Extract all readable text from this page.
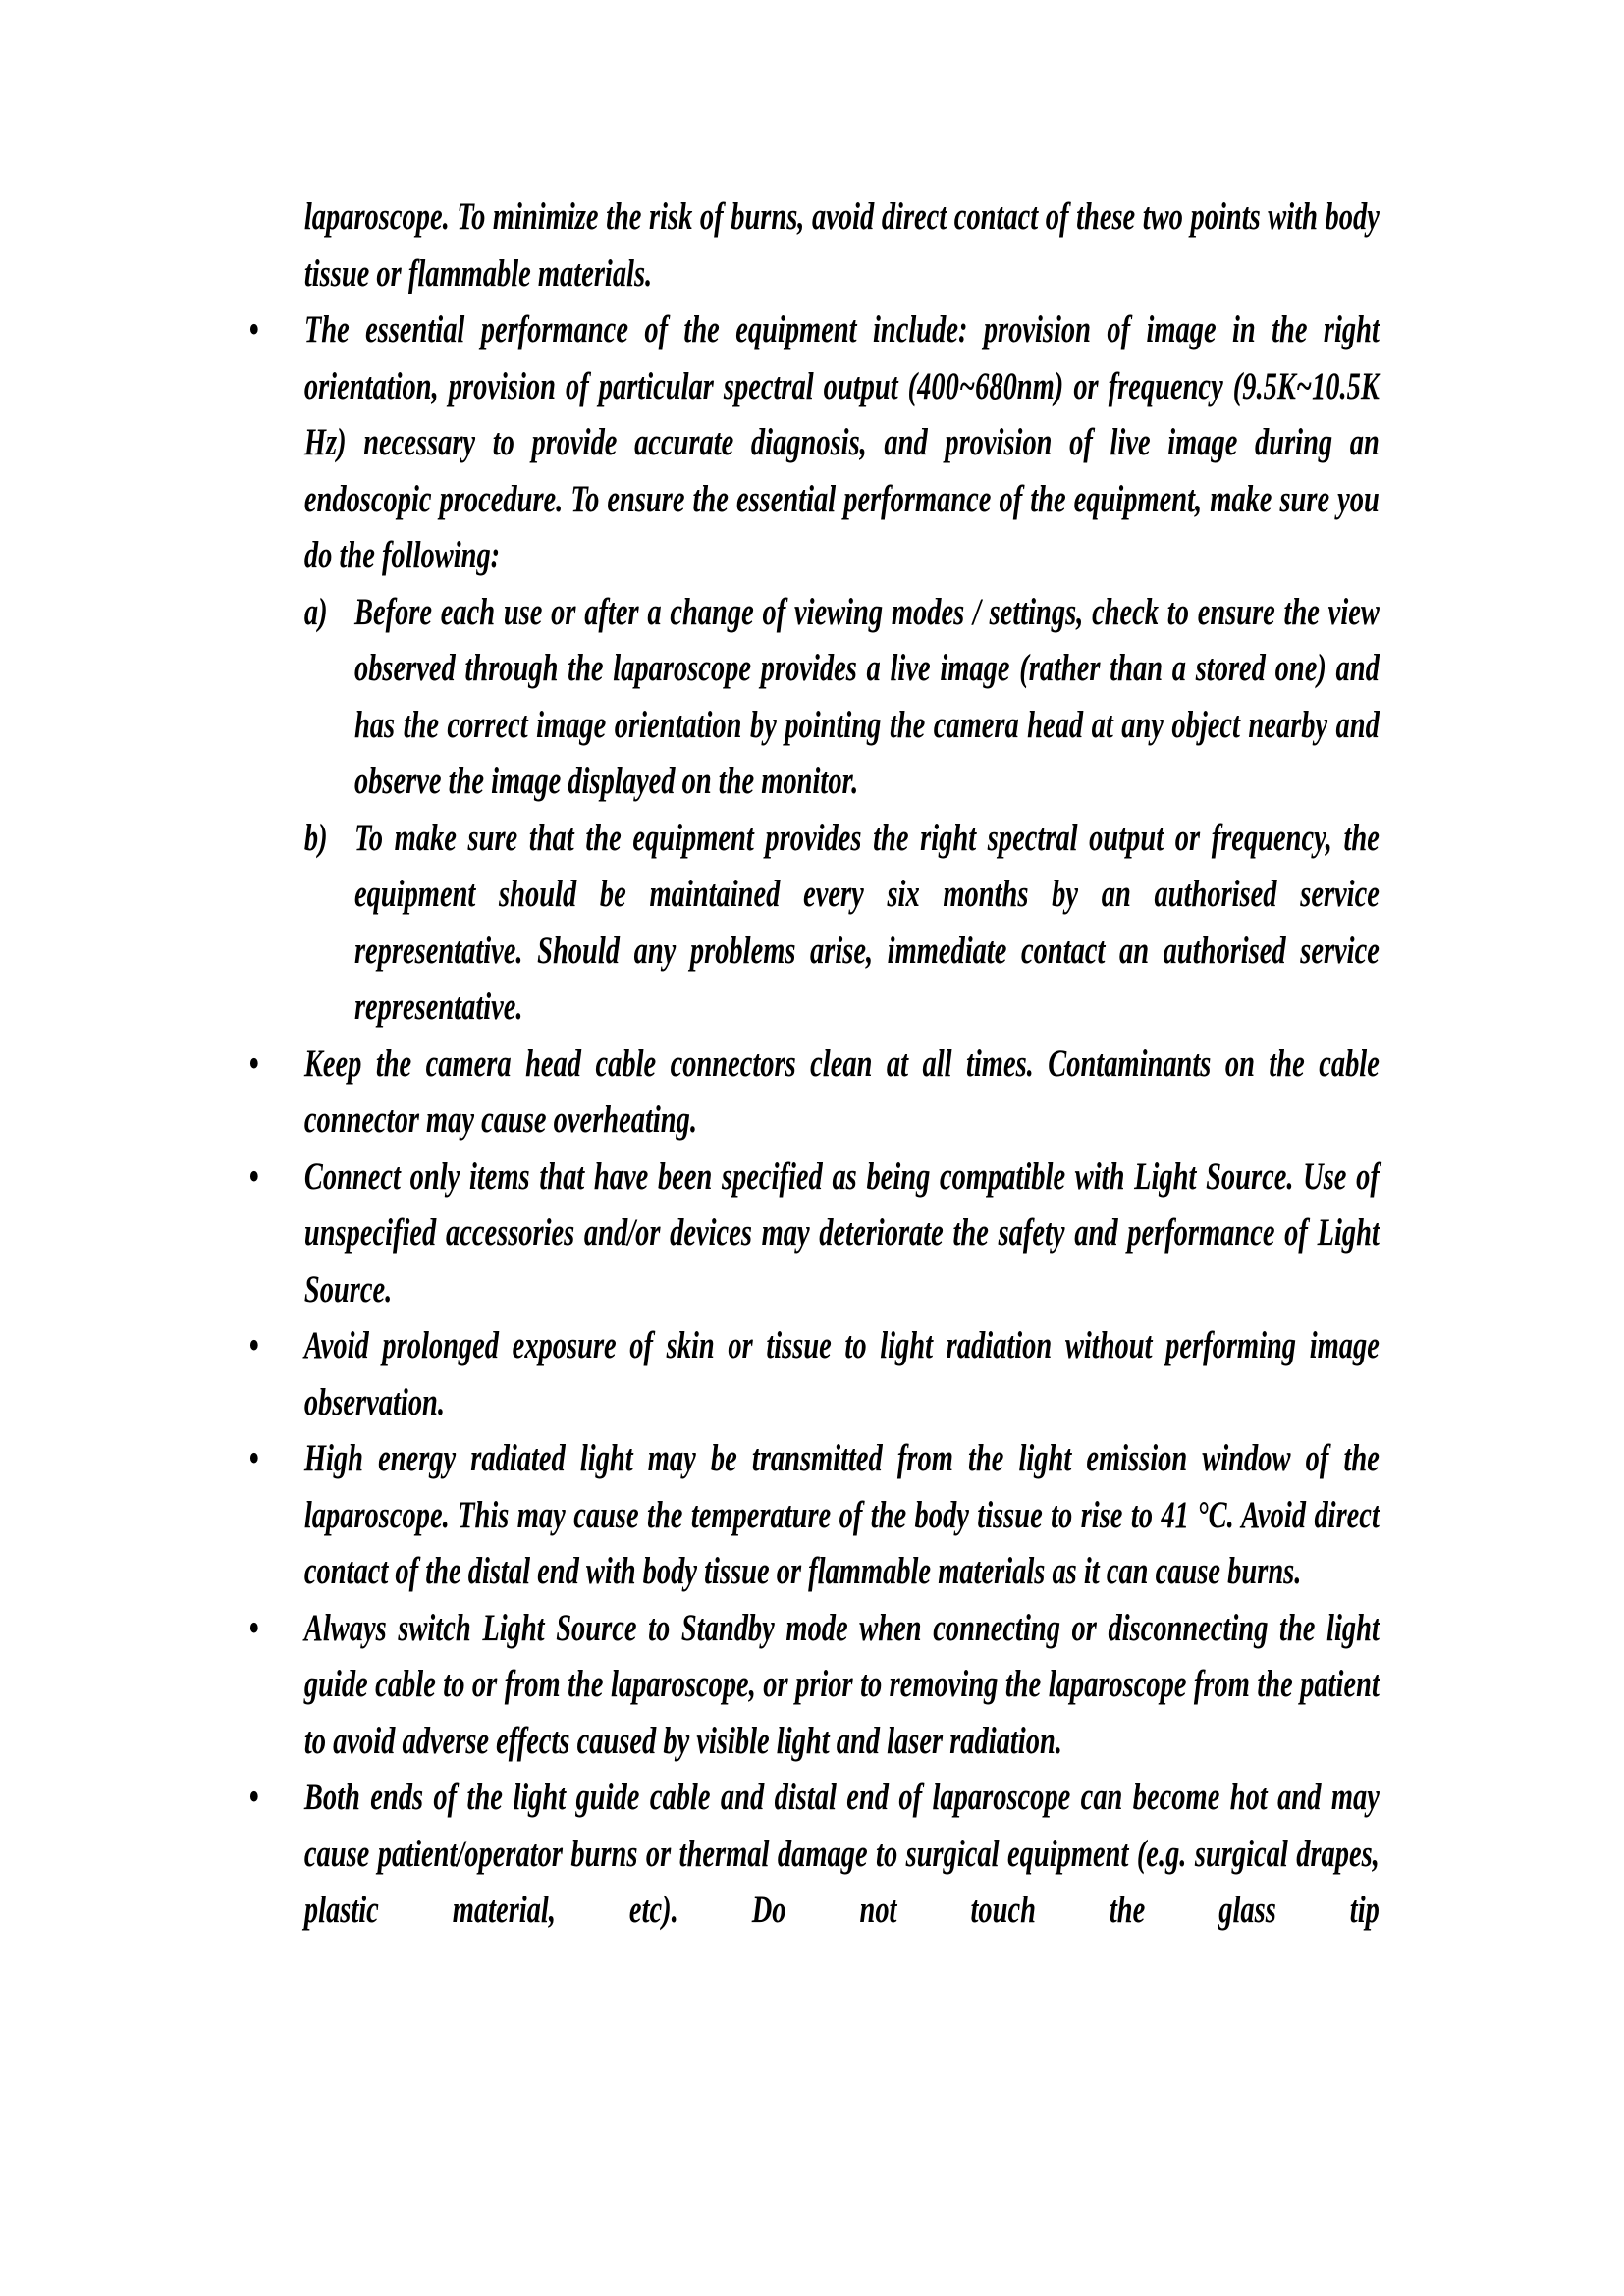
laparoscope. To minimize the risk of burns, avoid direct contact of these two points with body tissue or flammable materials.
• The essential performance of the equipment include: provision of image in the right orientation, provision of particular spectral output (400~680nm) or frequency (9.5K~10.5K Hz) necessary to provide accurate diagnosis, and provision of live image during an endoscopic procedure. To ensure the essential performance of the equipment, make sure you do the following:
a) Before each use or after a change of viewing modes / settings, check to ensure the view observed through the laparoscope provides a live image (rather than a stored one) and has the correct image orientation by pointing the camera head at any object nearby and observe the image displayed on the monitor.
b) To make sure that the equipment provides the right spectral output or frequency, the equipment should be maintained every six months by an authorised service representative. Should any problems arise, immediate contact an authorised service representative.
• Keep the camera head cable connectors clean at all times. Contaminants on the cable connector may cause overheating.
• Connect only items that have been specified as being compatible with Light Source. Use of unspecified accessories and/or devices may deteriorate the safety and performance of Light Source.
• Avoid prolonged exposure of skin or tissue to light radiation without performing image observation.
• High energy radiated light may be transmitted from the light emission window of the laparoscope. This may cause the temperature of the body tissue to rise to 41 °C. Avoid direct contact of the distal end with body tissue or flammable materials as it can cause burns.
• Always switch Light Source to Standby mode when connecting or disconnecting the light guide cable to or from the laparoscope, or prior to removing the laparoscope from the patient to avoid adverse effects caused by visible light and laser radiation.
• Both ends of the light guide cable and distal end of laparoscope can become hot and may cause patient/operator burns or thermal damage to surgical equipment (e.g. surgical drapes, plastic material, etc). Do not touch the glass tip
